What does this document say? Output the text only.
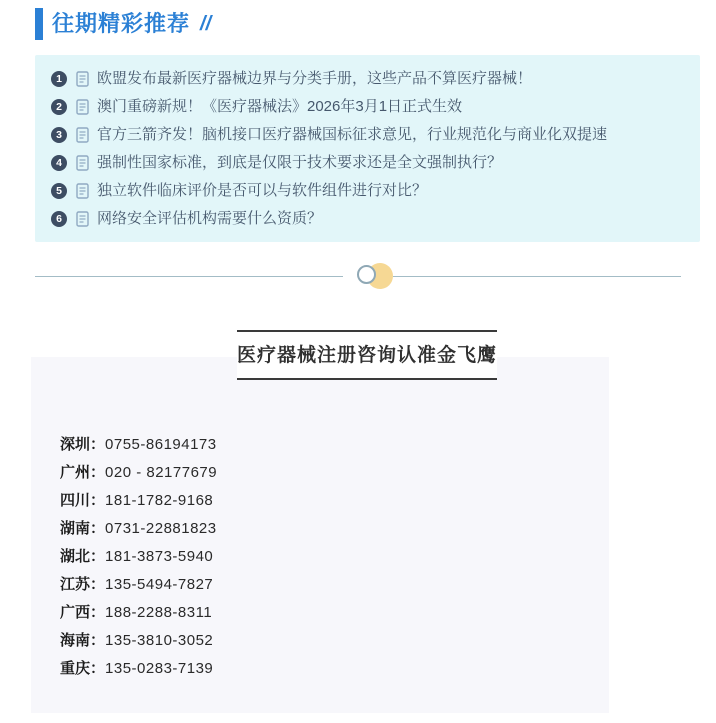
往期精彩推荐 //
1	欧盟发布最新医疗器械边界与分类手册，这些产品不算医疗器械！
2	澳门重磅新规！《医疗器械法》2026年3月1日正式生效
3	官方三箭齐发！脑机接口医疗器械国标征求意见，行业规范化与商业化双提速
4	强制性国家标准，到底是仅限于技术要求还是全文强制执行？
5	独立软件临床评价是否可以与软件组件进行对比？
6	网络安全评估机构需要什么资质？
医疗器械注册咨询认准金飞鹰
深圳：0755-86194173
广州：020 - 82177679
四川：181-1782-9168
湖南：0731-22881823
湖北：181-3873-5940
江苏：135-5494-7827
广西：188-2288-8311
海南：135-3810-3052
重庆：135-0283-7139
